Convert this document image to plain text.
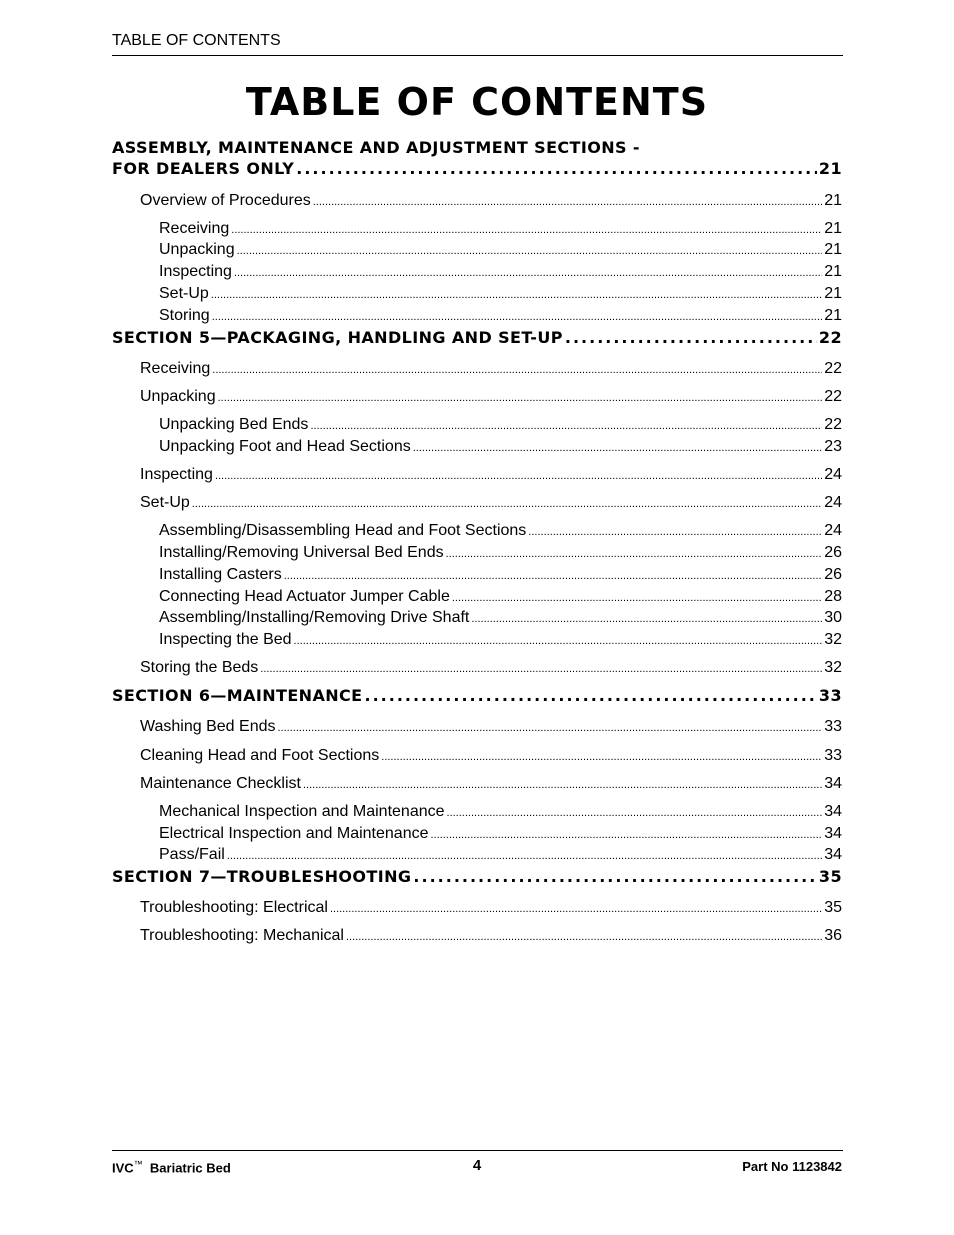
TABLE OF CONTENTS
TABLE OF CONTENTS
ASSEMBLY, MAINTENANCE AND ADJUSTMENT SECTIONS -
FOR DEALERS ONLY .....	21
Overview of Procedures .....	21
Receiving .....	21
Unpacking .....	21
Inspecting .....	21
Set-Up .....	21
Storing .....	21
SECTION 5—PACKAGING, HANDLING AND SET-UP .....	22
Receiving .....	22
Unpacking .....	22
Unpacking Bed Ends .....	22
Unpacking Foot and Head Sections .....	23
Inspecting .....	24
Set-Up .....	24
Assembling/Disassembling Head and Foot Sections .....	24
Installing/Removing Universal Bed Ends .....	26
Installing Casters .....	26
Connecting Head Actuator Jumper Cable .....	28
Assembling/Installing/Removing Drive Shaft .....	30
Inspecting the Bed .....	32
Storing the Beds .....	32
SECTION 6—MAINTENANCE .....	33
Washing Bed Ends .....	33
Cleaning Head and Foot Sections .....	33
Maintenance Checklist .....	34
Mechanical Inspection and Maintenance .....	34
Electrical Inspection and Maintenance .....	34
Pass/Fail .....	34
SECTION 7—TROUBLESHOOTING .....	35
Troubleshooting: Electrical .....	35
Troubleshooting: Mechanical .....	36
IVC™ Bariatric Bed	4	Part No 1123842
